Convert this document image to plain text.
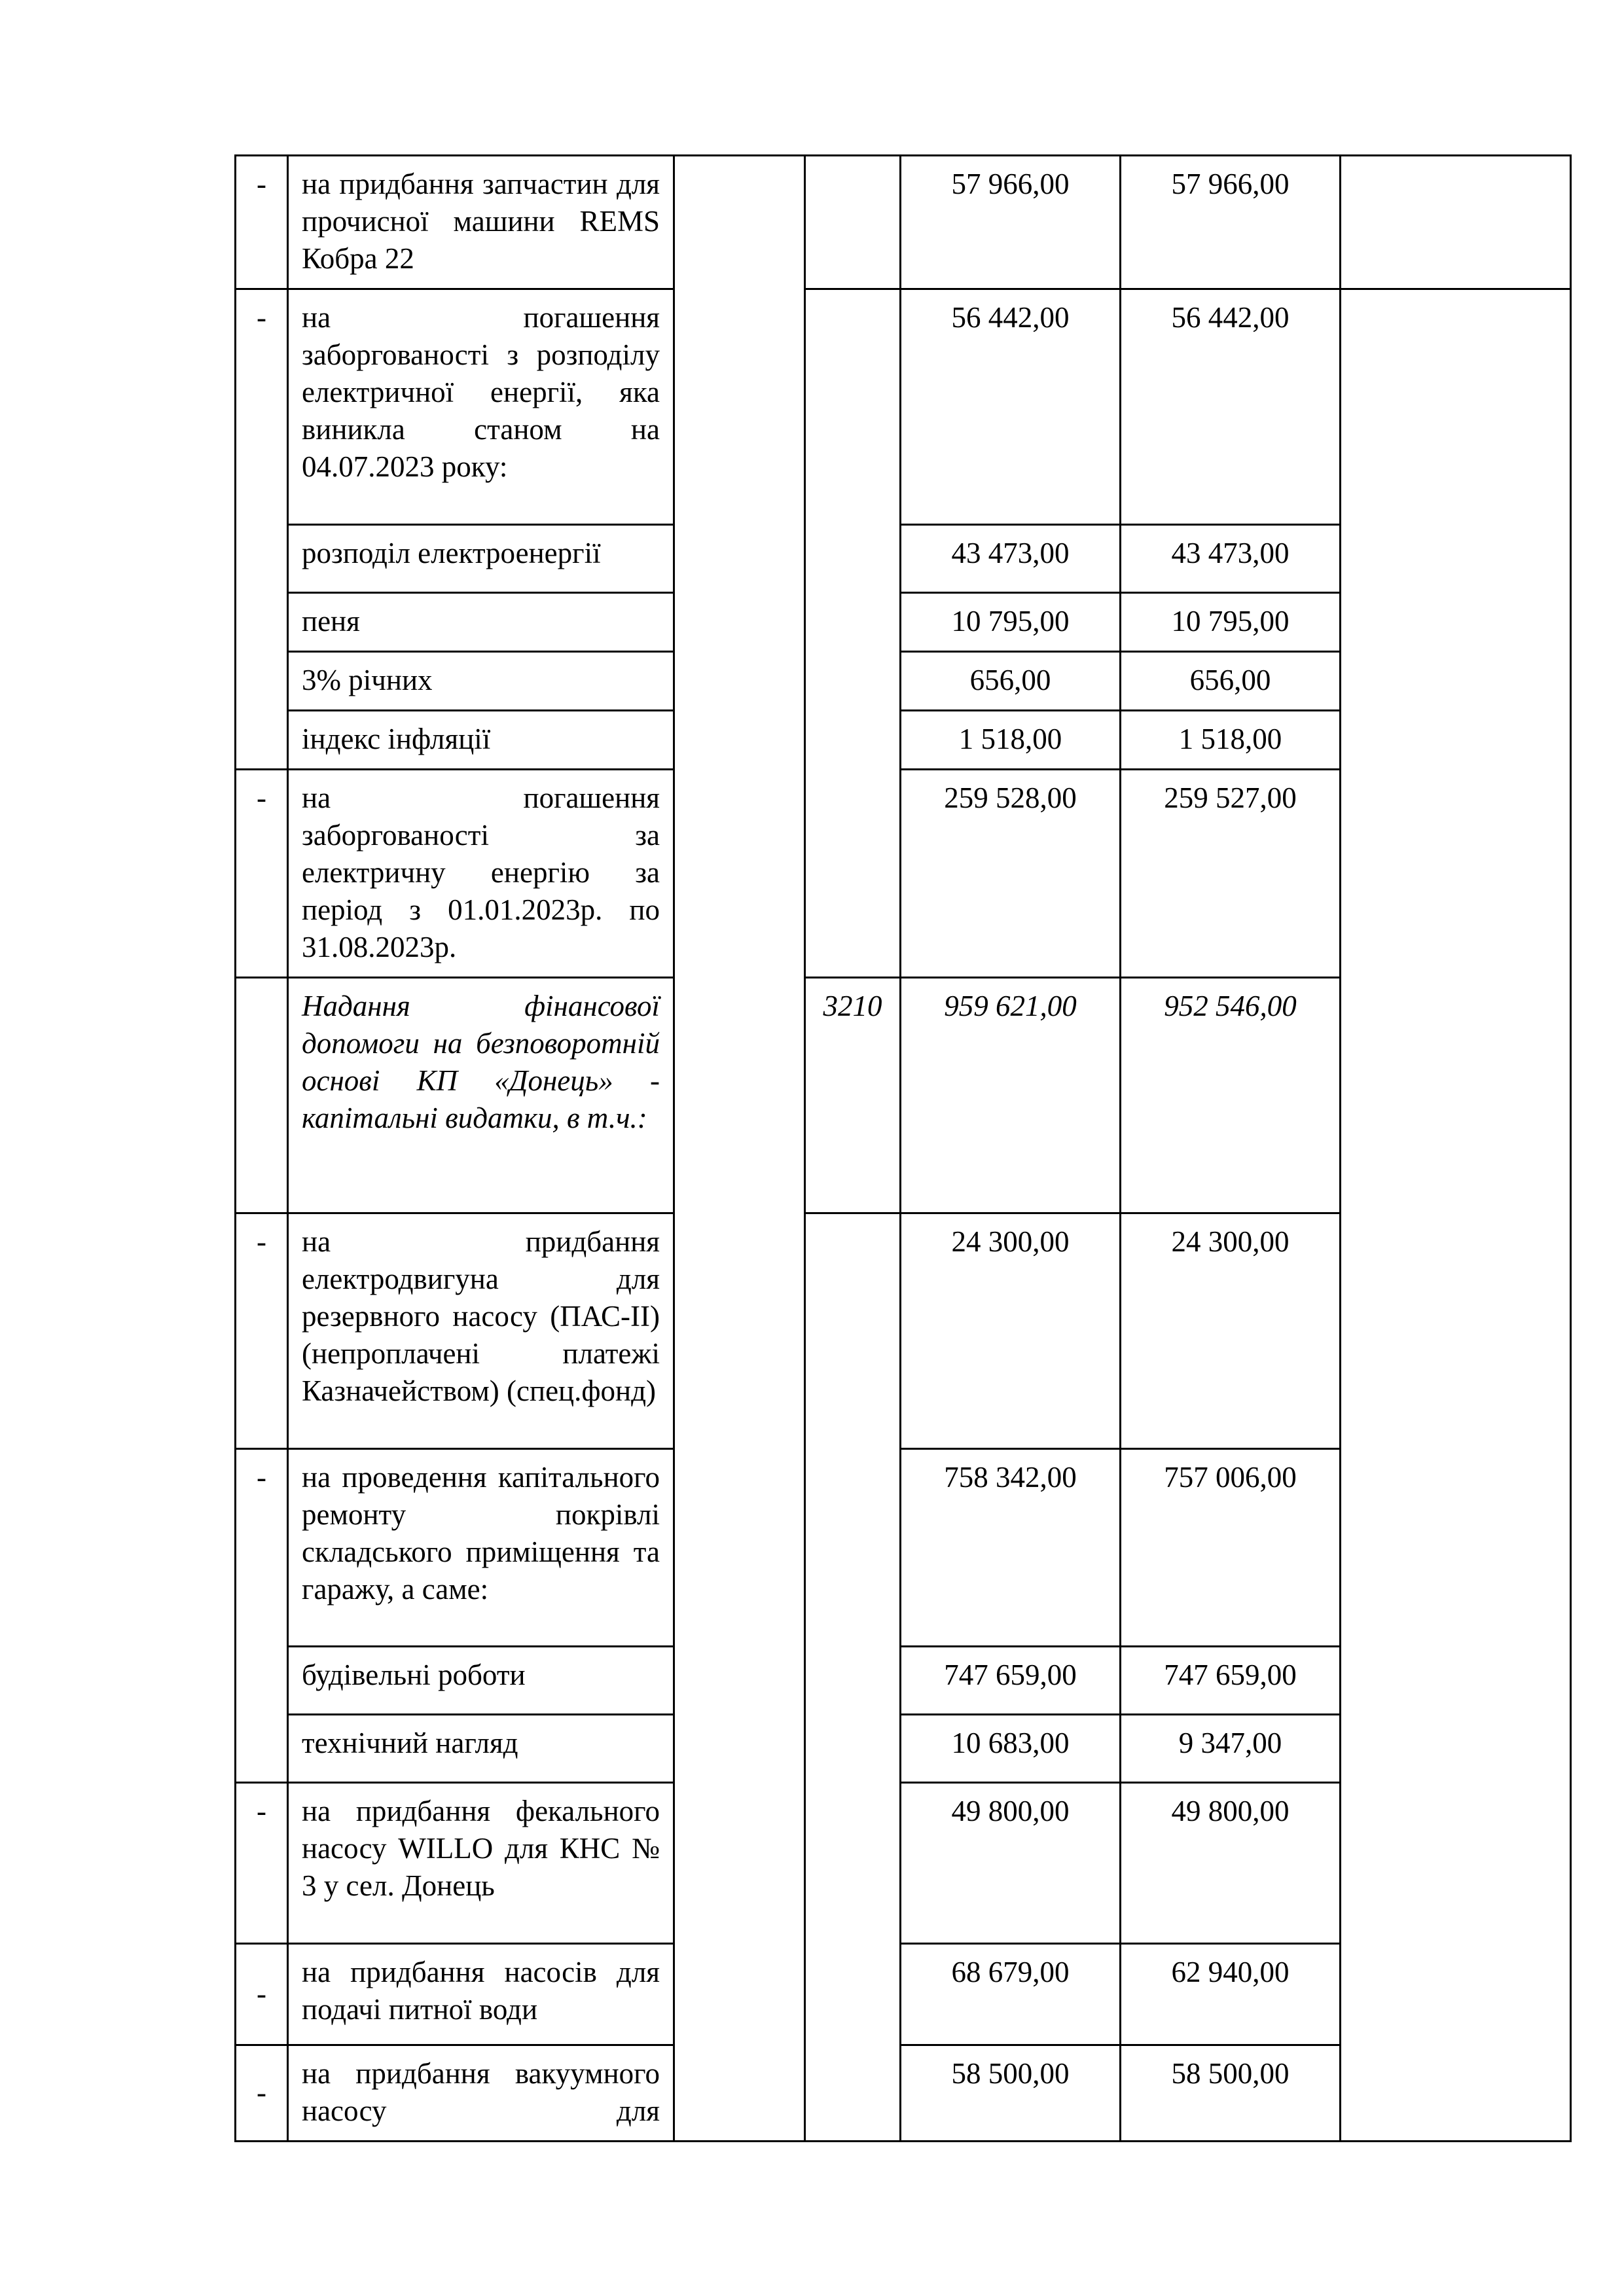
-	на придбання запчастин для прочисної машини REMS Кобра 22			57 966,00	57 966,00	
-	на погашення заборгованості з розподілу електричної енергії, яка виникла станом на 04.07.2023 року:			56 442,00	56 442,00	
	розподіл електроенергії			43 473,00	43 473,00	
	пеня			10 795,00	10 795,00	
	3% річних			656,00	656,00	
	індекс інфляції			1 518,00	1 518,00	
-	на погашення заборгованості за електричну енергію за період з 01.01.2023р. по 31.08.2023р.			259 528,00	259 527,00	
	Надання фінансової допомоги на безповоротній основі КП «Донець» - капітальні видатки, в т.ч.:		3210	959 621,00	952 546,00	
-	на придбання електродвигуна для резервного насосу (ПАС-ІІ) (непроплачені платежі Казначейством) (спец.фонд)			24 300,00	24 300,00	
-	на проведення капітального ремонту покрівлі складського приміщення та гаражу, а саме:			758 342,00	757 006,00	
	будівельні роботи			747 659,00	747 659,00	
	технічний нагляд			10 683,00	9 347,00	
-	на придбання фекального насосу WILLO для КНС № 3 у сел. Донець			49 800,00	49 800,00	
-	на придбання насосів для подачі питної води			68 679,00	62 940,00	
-	на придбання вакуумного насосу для			58 500,00	58 500,00	
